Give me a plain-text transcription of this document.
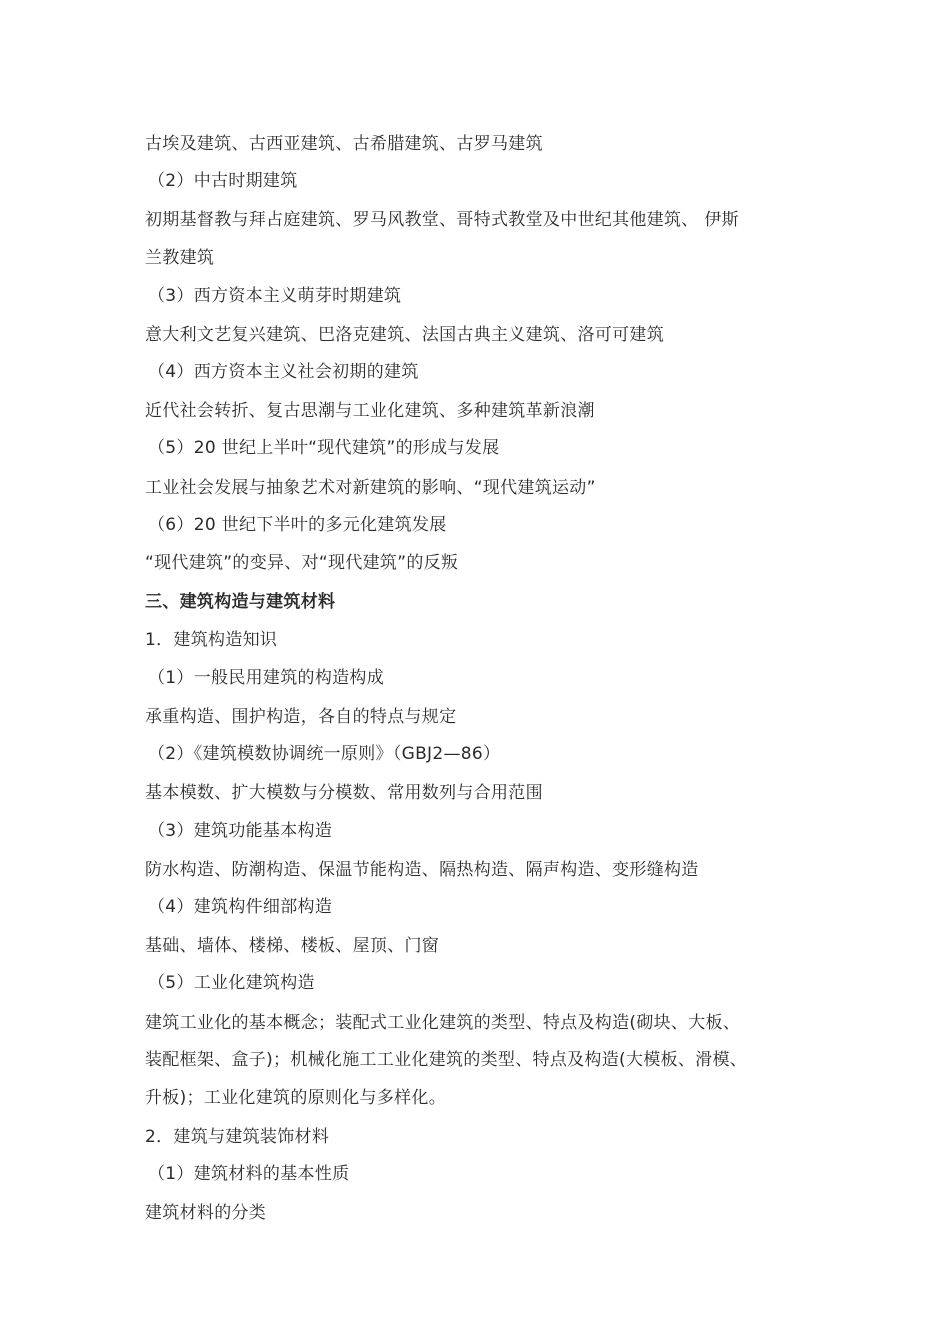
古埃及建筑、古西亚建筑、古希腊建筑、古罗马建筑
（2）中古时期建筑
初期基督教与拜占庭建筑、罗马风教堂、哥特式教堂及中世纪其他建筑、 伊斯
兰教建筑
（3）西方资本主义萌芽时期建筑
意大利文艺复兴建筑、巴洛克建筑、法国古典主义建筑、洛可可建筑
（4）西方资本主义社会初期的建筑
近代社会转折、复古思潮与工业化建筑、多种建筑革新浪潮
（5）20 世纪上半叶“现代建筑”的形成与发展
工业社会发展与抽象艺术对新建筑的影响、“现代建筑运动”
（6）20 世纪下半叶的多元化建筑发展
“现代建筑”的变异、对“现代建筑”的反叛
三、建筑构造与建筑材料
1．建筑构造知识
（1）一般民用建筑的构造构成
承重构造、围护构造，各自的特点与规定
（2）《建筑模数协调统一原则》（GBJ2—86）
基本模数、扩大模数与分模数、常用数列与合用范围
（3）建筑功能基本构造
防水构造、防潮构造、保温节能构造、隔热构造、隔声构造、变形缝构造
（4）建筑构件细部构造
基础、墙体、楼梯、楼板、屋顶、门窗
（5）工业化建筑构造
建筑工业化的基本概念；装配式工业化建筑的类型、特点及构造(砌块、大板、
装配框架、盒子)；机械化施工工业化建筑的类型、特点及构造(大模板、滑模、
升板)；工业化建筑的原则化与多样化。
2．建筑与建筑装饰材料
（1）建筑材料的基本性质
建筑材料的分类
